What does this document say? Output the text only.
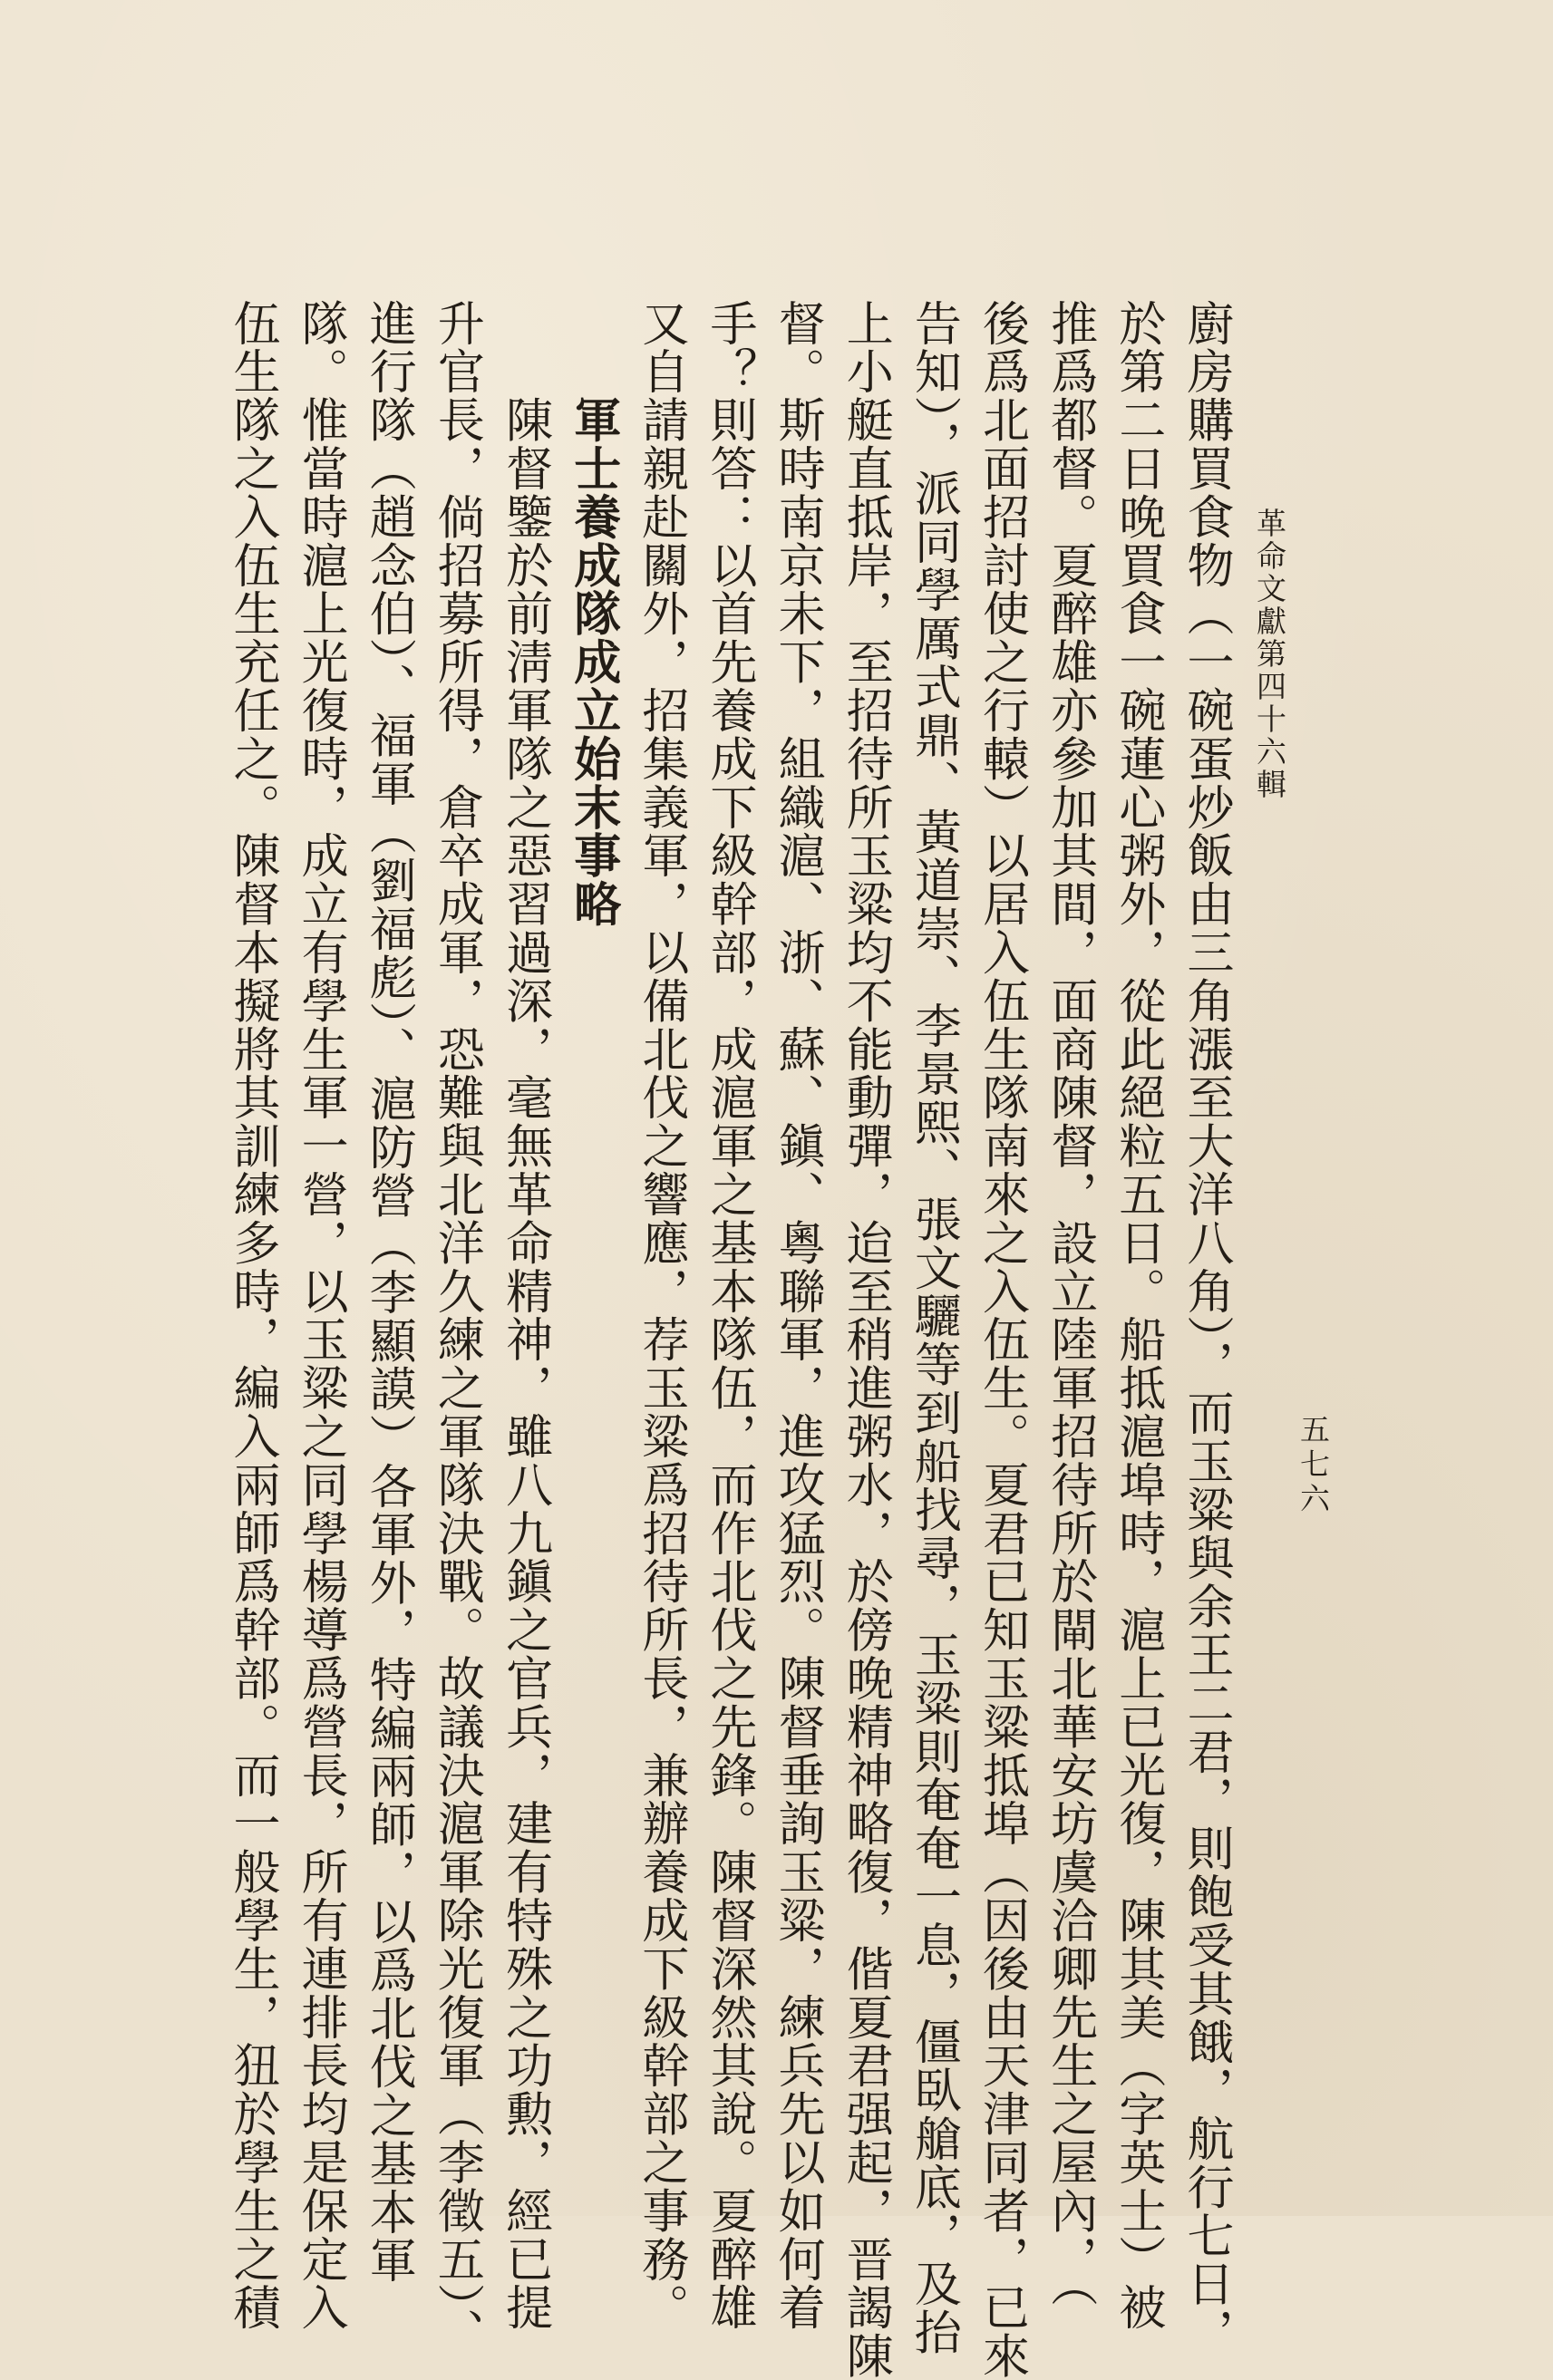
革命文獻第四十六輯
五七六
廚房購買食物（一碗蛋炒飯由三角漲至大洋八角），而玉粱與余王二君，則飽受其餓，航行七日，
於第二日晚買食一碗蓮心粥外，從此絕粒五日。船抵滬埠時，滬上已光復，陳其美（字英士）被
推爲都督。夏醉雄亦參加其間，面商陳督，設立陸軍招待所於閘北華安坊虞洽卿先生之屋內，（
後爲北面招討使之行轅）以居入伍生隊南來之入伍生。夏君已知玉粱抵埠（因後由天津同者，已來
告知），派同學厲式鼎、黃道崇、李景熙、張文驪等到船找尋，玉粱則奄奄一息，僵臥艙底，及抬
上小艇直抵岸，至招待所玉粱均不能動彈，迨至稍進粥水，於傍晚精神略復，偕夏君强起，晋謁陳
督。斯時南京未下，組織滬、浙、蘇、鎭、粵聯軍，進攻猛烈。陳督垂詢玉粱，練兵先以如何着
手？則答：以首先養成下級幹部，成滬軍之基本隊伍，而作北伐之先鋒。陳督深然其說。夏醉雄
又自請親赴關外，招集義軍，以備北伐之響應，荐玉粱爲招待所長，兼辦養成下級幹部之事務。
　　軍士養成隊成立始末事略
　　陳督鑒於前淸軍隊之惡習過深，毫無革命精神，雖八九鎭之官兵，建有特殊之功勲，經已提
升官長，倘招募所得，倉卒成軍，恐難與北洋久練之軍隊決戰。故議決滬軍除光復軍（李徵五）、
進行隊（趙念伯）、福軍（劉福彪）、滬防營（李顯謨）各軍外，特編兩師，以爲北伐之基本軍
隊。惟當時滬上光復時，成立有學生軍一營，以玉粱之同學楊導爲營長，所有連排長均是保定入
伍生隊之入伍生充任之。陳督本擬將其訓練多時，編入兩師爲幹部。而一般學生，狃於學生之積
